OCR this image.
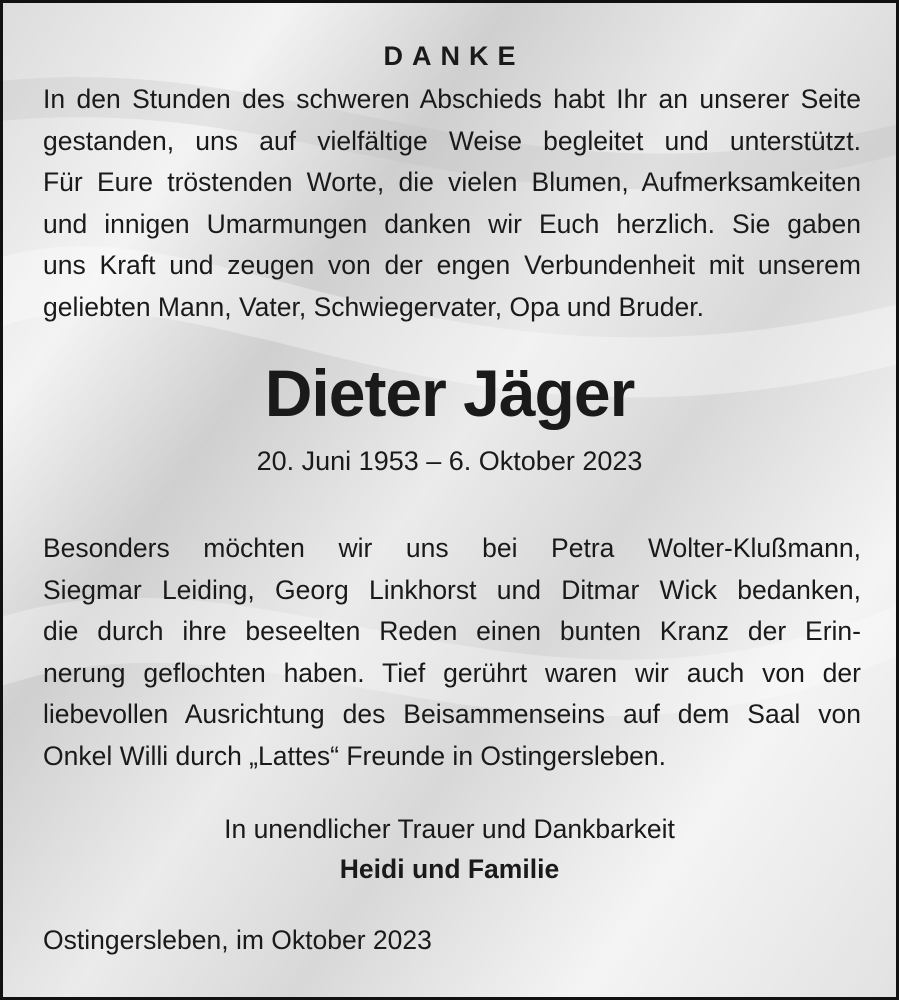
DANKE
In den Stunden des schweren Abschieds habt Ihr an unserer Seite
gestanden, uns auf vielfältige Weise begleitet und unterstützt.
Für Eure tröstenden Worte, die vielen Blumen, Aufmerksamkeiten
und innigen Umarmungen danken wir Euch herzlich. Sie gaben
uns Kraft und zeugen von der engen Verbundenheit mit unserem
geliebten Mann, Vater, Schwiegervater, Opa und Bruder.
Dieter Jäger
20. Juni 1953 – 6. Oktober 2023
Besonders möchten wir uns bei Petra Wolter-Klußmann,
Siegmar Leiding, Georg Linkhorst und Ditmar Wick bedanken,
die durch ihre beseelten Reden einen bunten Kranz der Erin-
nerung geflochten haben. Tief gerührt waren wir auch von der
liebevollen Ausrichtung des Beisammenseins auf dem Saal von
Onkel Willi durch „Lattes“ Freunde in Ostingersleben.
In unendlicher Trauer und Dankbarkeit
Heidi und Familie
Ostingersleben, im Oktober 2023
